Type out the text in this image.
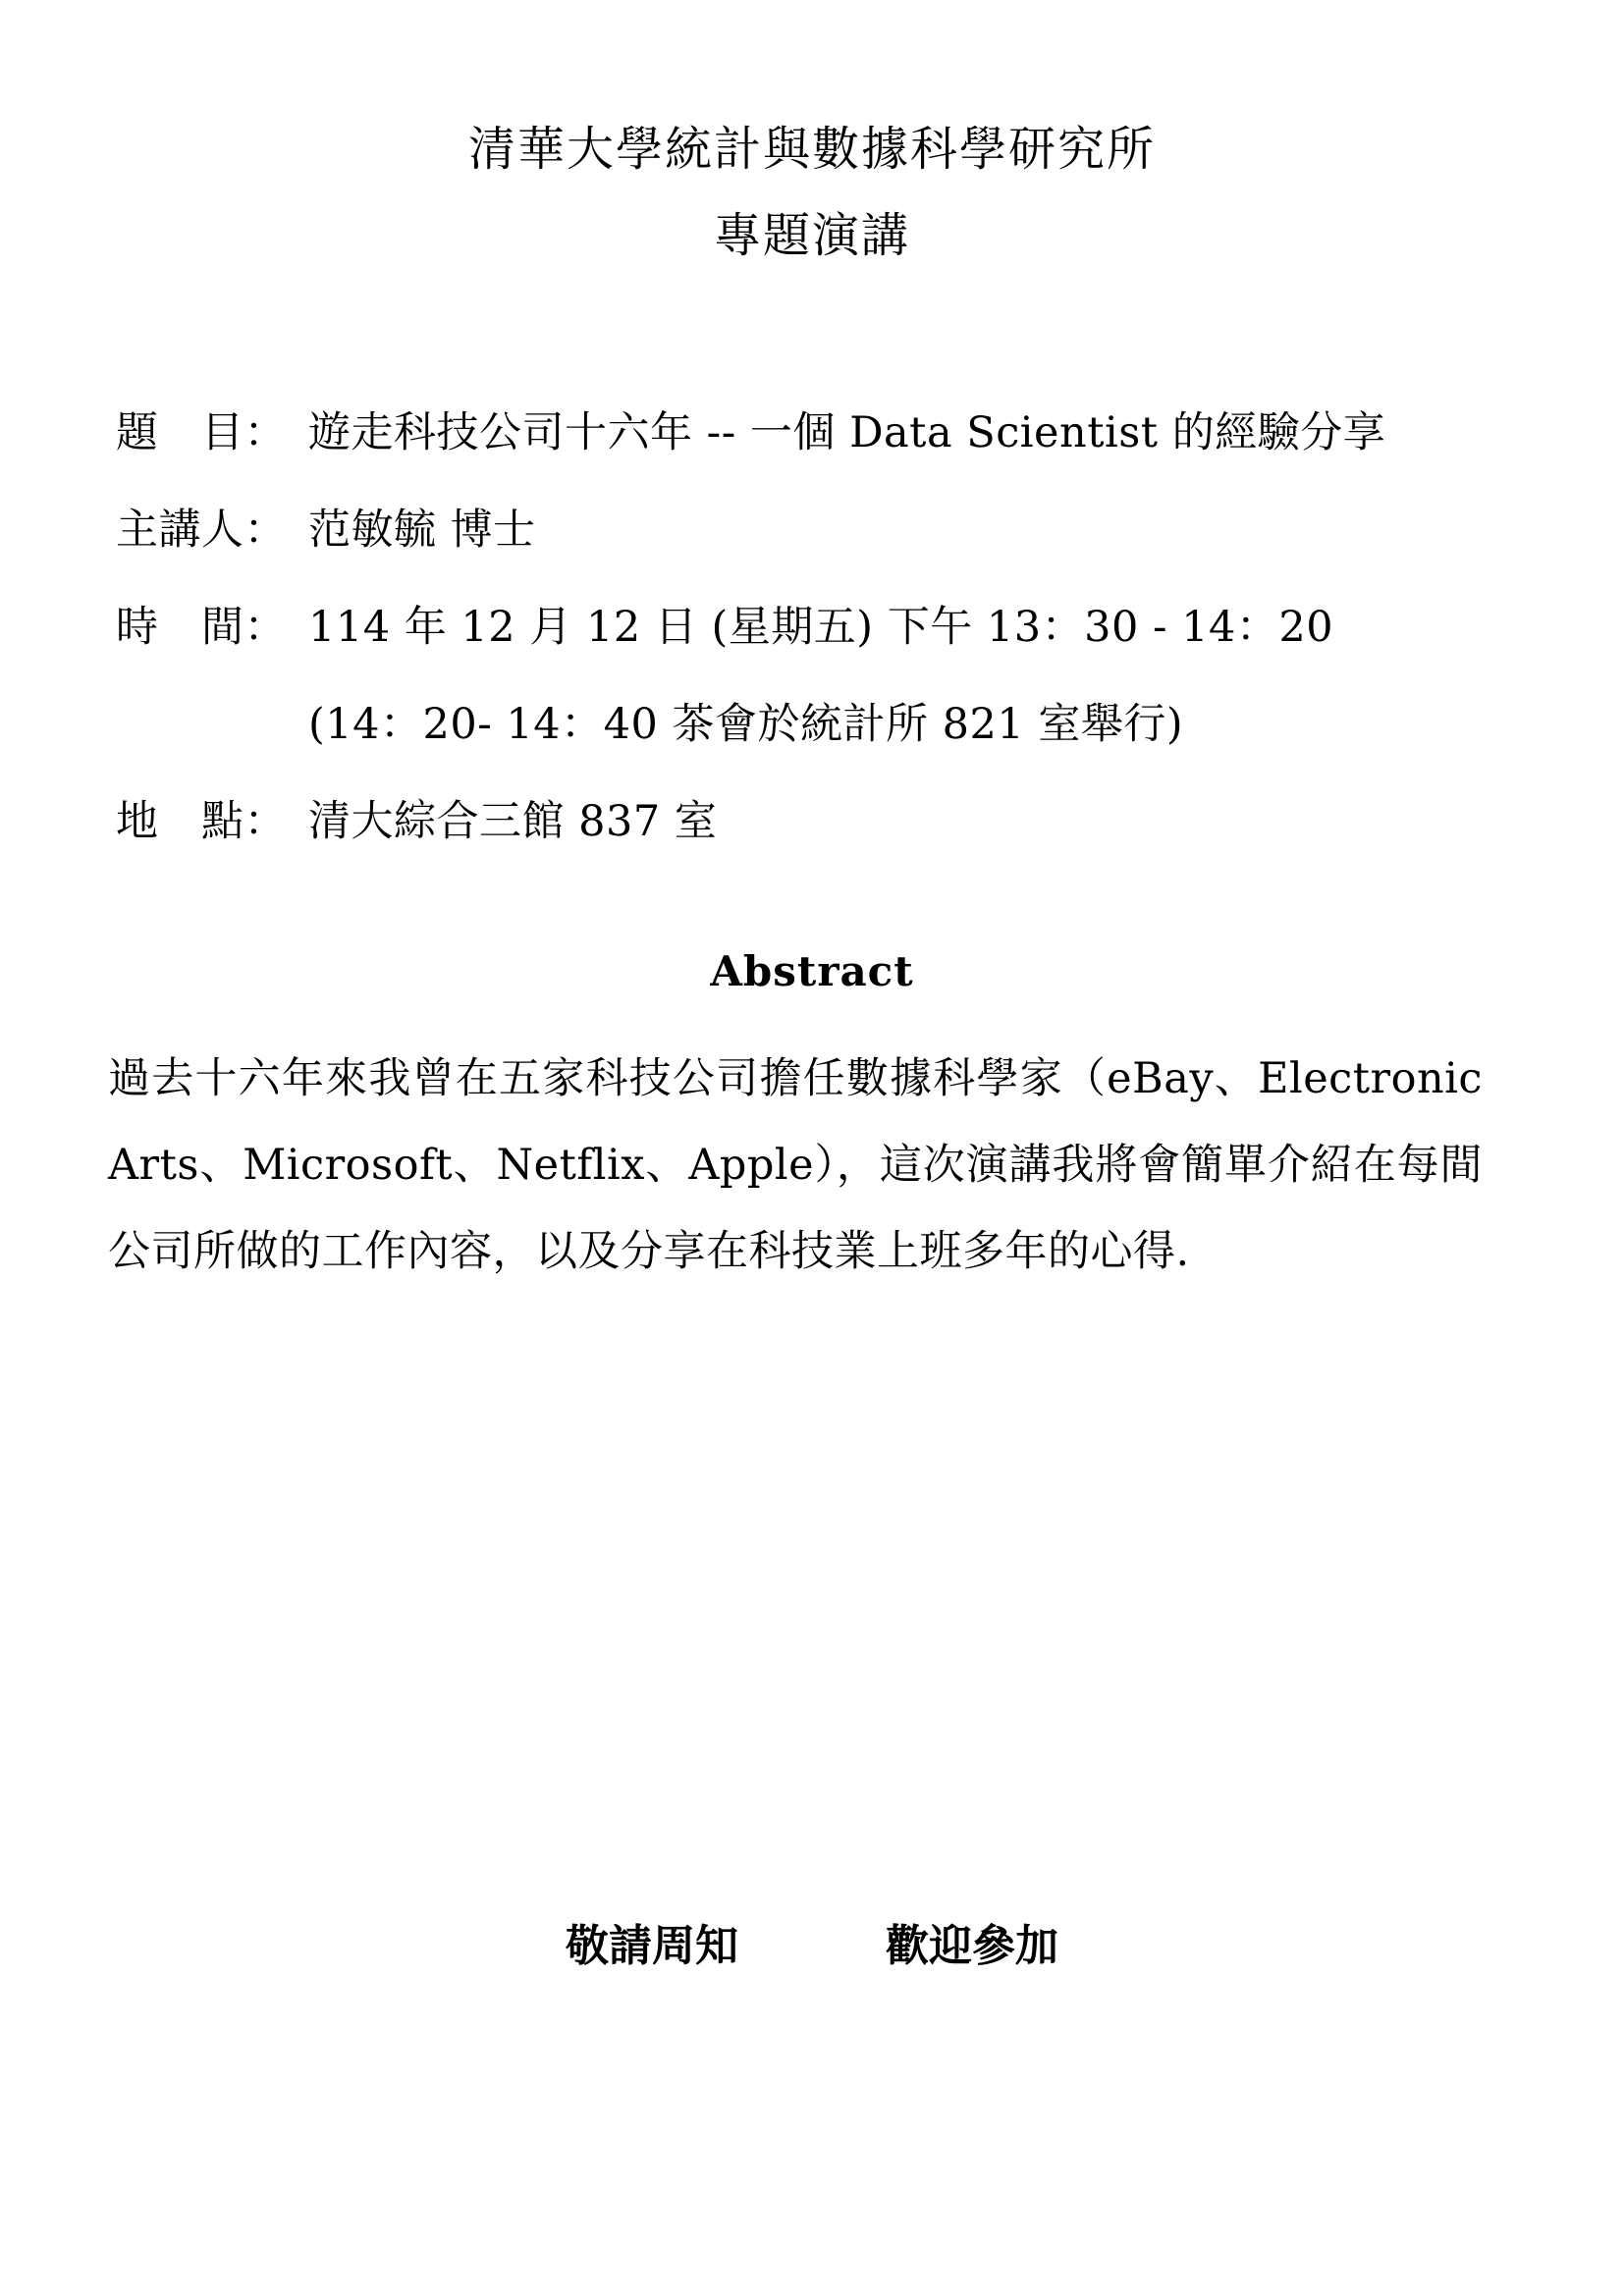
清華大學統計與數據科學研究所
專題演講
題　目： 遊走科技公司十六年 -- 一個 Data Scientist 的經驗分享
主講人： 范敏毓 博士
時　間： 114 年 12 月 12 日 (星期五) 下午 13：30 - 14：20
(14：20- 14：40 茶會於統計所 821 室舉行)
地　點： 清大綜合三館 837 室
Abstract

過去十六年來我曾在五家科技公司擔任數據科學家（eBay、Electronic Arts、Microsoft、Netflix、Apple），這次演講我將會簡單介紹在每間公司所做的工作內容，以及分享在科技業上班多年的心得.

敬請周知	歡迎參加
